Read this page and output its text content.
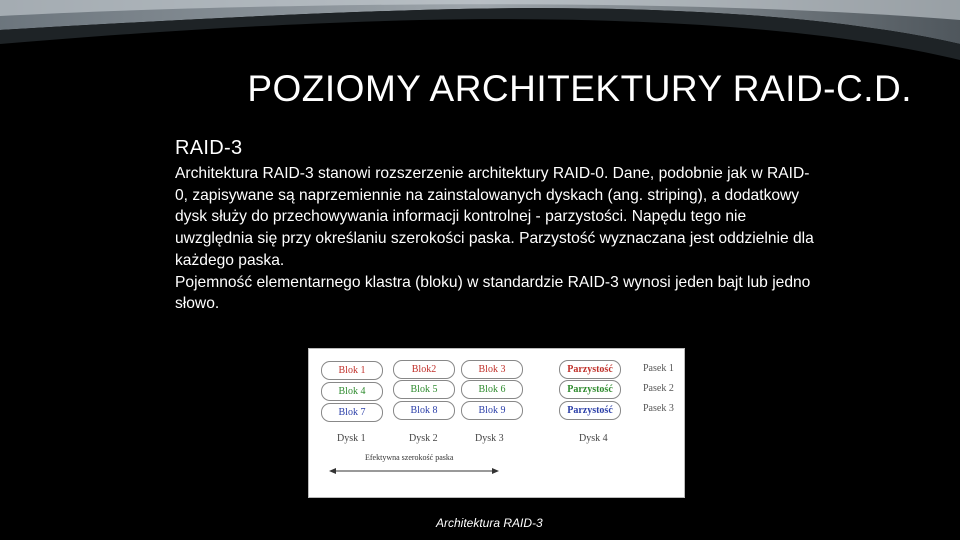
POZIOMY ARCHITEKTURY RAID-C.D.
RAID-3

Architektura RAID-3 stanowi rozszerzenie architektury RAID-0. Dane, podobnie jak w RAID-0, zapisywane są naprzemiennie na zainstalowanych dyskach (ang. striping), a dodatkowy dysk służy do przechowywania informacji kontrolnej - parzystości. Napędu tego nie uwzględnia się przy określaniu szerokości paska. Parzystość wyznaczana jest oddzielnie dla każdego paska.

Pojemność elementarnego klastra (bloku) w standardzie RAID-3 wynosi jeden bajt lub jedno słowo.

Blok 1	Blok2	Blok 3	Parzystość	Pasek 1
Blok 4	Blok 5	Blok 6	Parzystość	Pasek 2
Blok 7	Blok 8	Blok 9	Parzystość	Pasek 3
Dysk 1	Dysk 2	Dysk 3	Dysk 4
Efektywna szerokość paska
Architektura RAID-3
